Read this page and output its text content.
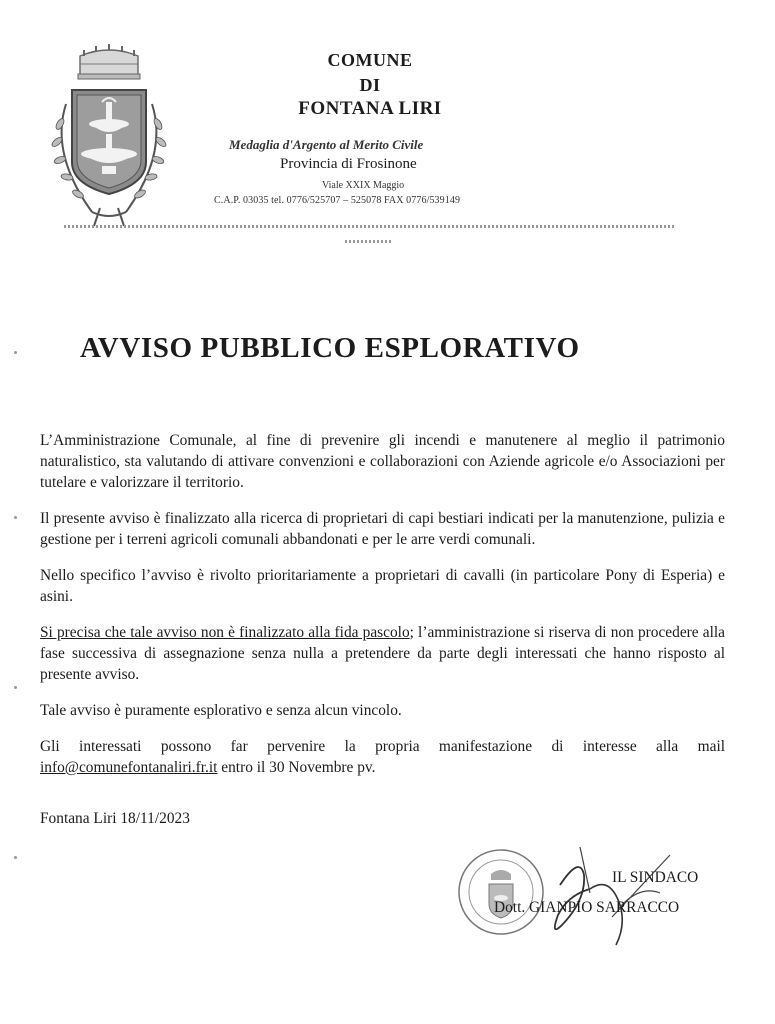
COMUNE
DI
FONTANA LIRI
Medaglia d'Argento al Merito Civile
Provincia di Frosinone
Viale XXIX Maggio
C.A.P. 03035 tel. 0776/525707 – 525078 FAX 0776/539149
AVVISO PUBBLICO ESPLORATIVO

L’Amministrazione Comunale, al fine di prevenire gli incendi e manutenere al meglio il patrimonio naturalistico, sta valutando di attivare convenzioni e collaborazioni con Aziende agricole e/o Associazioni per tutelare e valorizzare il territorio.

Il presente avviso è finalizzato alla ricerca di proprietari di capi bestiari indicati per la manutenzione, pulizia e gestione per i terreni agricoli comunali abbandonati e per le arre verdi comunali.

Nello specifico l’avviso è rivolto prioritariamente a proprietari di cavalli (in particolare Pony di Esperia) e asini.

Si precisa che tale avviso non è finalizzato alla fida pascolo; l’amministrazione si riserva di non procedere alla fase successiva di assegnazione senza nulla a pretendere da parte degli interessati che hanno risposto al presente avviso.

Tale avviso è puramente esplorativo e senza alcun vincolo.

Gli interessati possono far pervenire la propria manifestazione di interesse alla mail info@comunefontanaliri.fr.it entro il 30 Novembre pv.

Fontana Liri 18/11/2023
IL SINDACO
Dott. GIANPIO SARRACCO
